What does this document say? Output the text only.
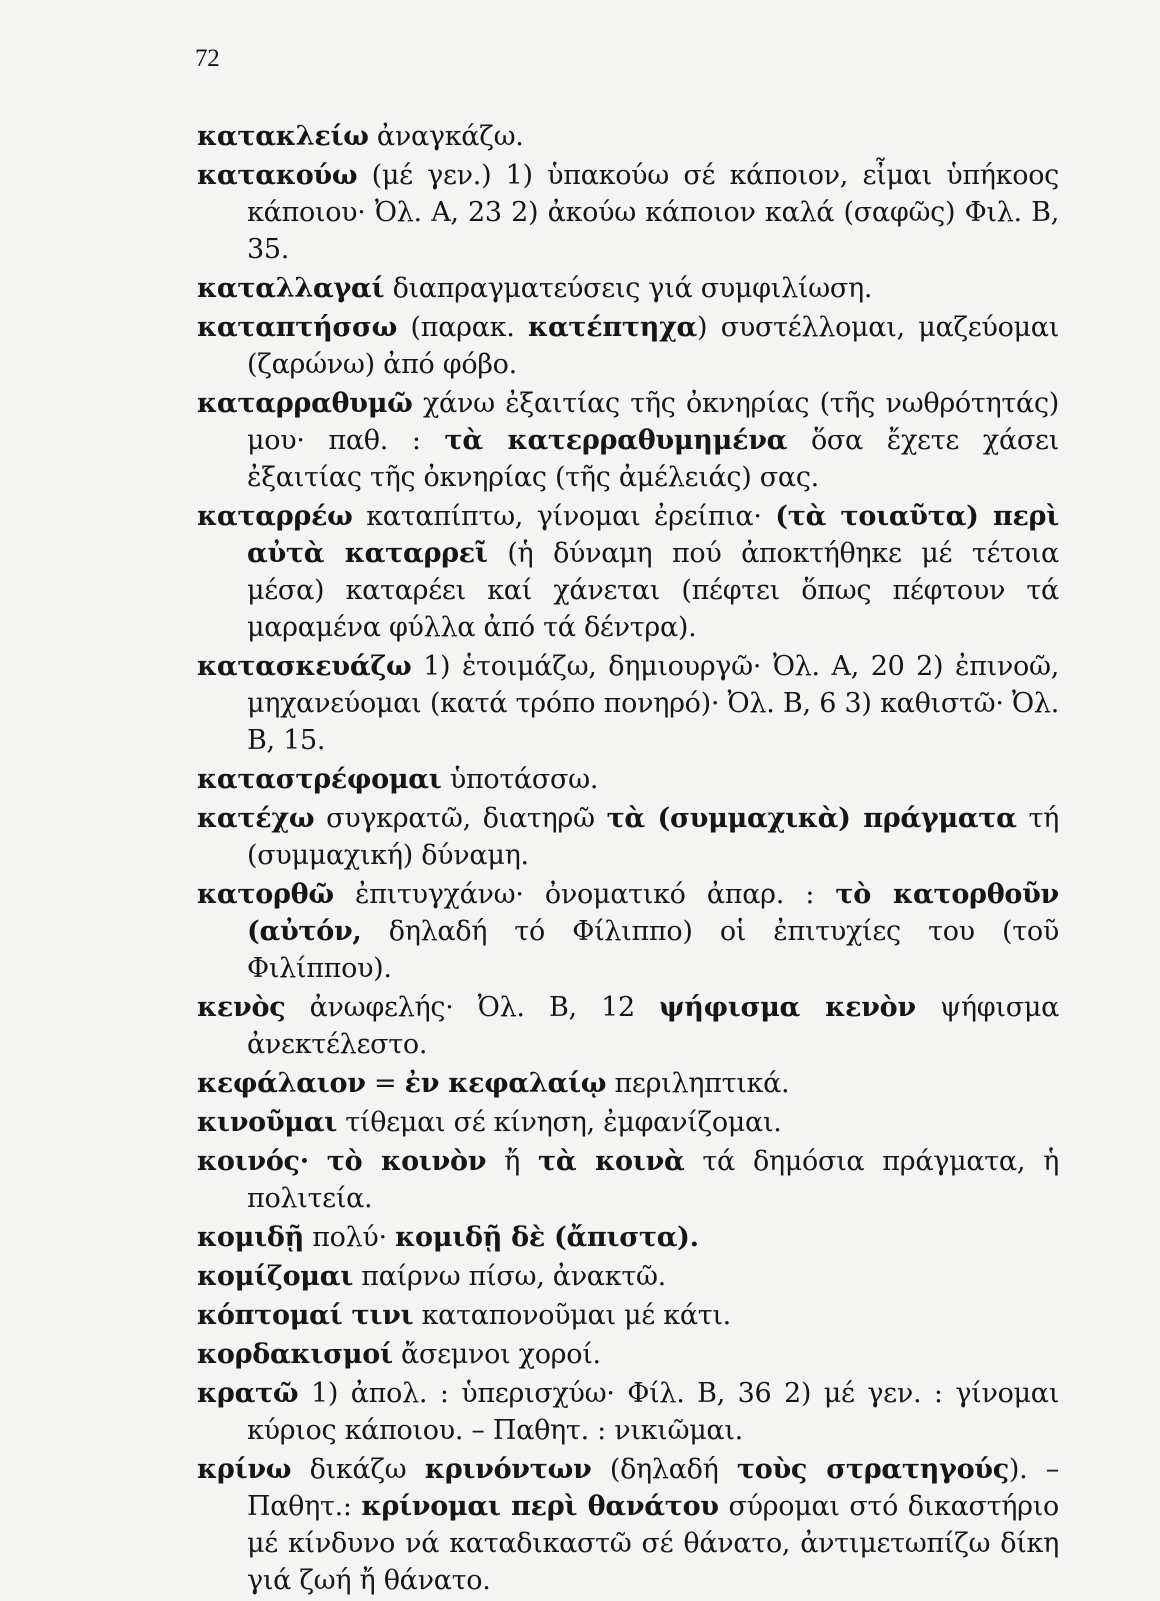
72

κατακλείω ἀναγκάζω.

κατακούω (μέ γεν.) 1) ὑπακούω σέ κάποιον, εἶμαι ὑπήκοος κάποιου· Ὀλ. Α, 23 2) ἀκούω κάποιον καλά (σαφῶς) Φιλ. Β, 35.

καταλλαγαί διαπραγματεύσεις γιά συμφιλίωση.

καταπτήσσω (παρακ. κατέπτηχα) συστέλλομαι, μαζεύομαι (ζαρώνω) ἀπό φόβο.

καταρραθυμῶ χάνω ἐξαιτίας τῆς ὀκνηρίας (τῆς νωθρότητάς) μου· παθ. : τὰ κατερραθυμημένα ὅσα ἔχετε χάσει ἐξαιτίας τῆς ὀκνηρίας (τῆς ἀμέλειάς) σας.

καταρρέω καταπίπτω, γίνομαι ἐρείπια· (τὰ τοιαῦτα) περὶ αὐτὰ καταρρεῖ (ἡ δύναμη πού ἀποκτήθηκε μέ τέτοια μέσα) καταρέει καί χάνεται (πέφτει ὅπως πέφτουν τά μαραμένα φύλλα ἀπό τά δέντρα).

κατασκευάζω 1) ἑτοιμάζω, δημιουργῶ· Ὀλ. Α, 20 2) ἐπινοῶ, μηχανεύομαι (κατά τρόπο πονηρό)· Ὀλ. Β, 6 3) καθιστῶ· Ὀλ. Β, 15.

καταστρέφομαι ὑποτάσσω.

κατέχω συγκρατῶ, διατηρῶ τὰ (συμμαχικὰ) πράγματα τή (συμμαχική) δύναμη.

κατορθῶ ἐπιτυγχάνω· ὀνοματικό ἀπαρ. : τὸ κατορθοῦν (αὐτόν, δηλαδή τό Φίλιππο) οἱ ἐπιτυχίες του (τοῦ Φιλίππου).

κενὸς ἀνωφελής· Ὀλ. Β, 12 ψήφισμα κενὸν ψήφισμα ἀνεκτέλεστο.

κεφάλαιον = ἐν κεφαλαίῳ περιληπτικά.

κινοῦμαι τίθεμαι σέ κίνηση, ἐμφανίζομαι.

κοινός· τὸ κοινὸν ἤ τὰ κοινὰ τά δημόσια πράγματα, ἡ πολιτεία.

κομιδῇ πολύ· κομιδῇ δὲ (ἄπιστα).

κομίζομαι παίρνω πίσω, ἀνακτῶ.

κόπτομαί τινι καταπονοῦμαι μέ κάτι.

κορδακισμοί ἄσεμνοι χοροί.

κρατῶ 1) ἀπολ. : ὑπερισχύω· Φίλ. Β, 36 2) μέ γεν. : γίνομαι κύριος κάποιου. – Παθητ. : νικιῶμαι.

κρίνω δικάζω κρινόντων (δηλαδή τοὺς στρατηγούς). – Παθητ.: κρίνομαι περὶ θανάτου σύρομαι στό δικαστήριο μέ κίνδυνο νά καταδικαστῶ σέ θάνατο, ἀντιμετωπίζω δίκη γιά ζωή ἤ θάνατο.
